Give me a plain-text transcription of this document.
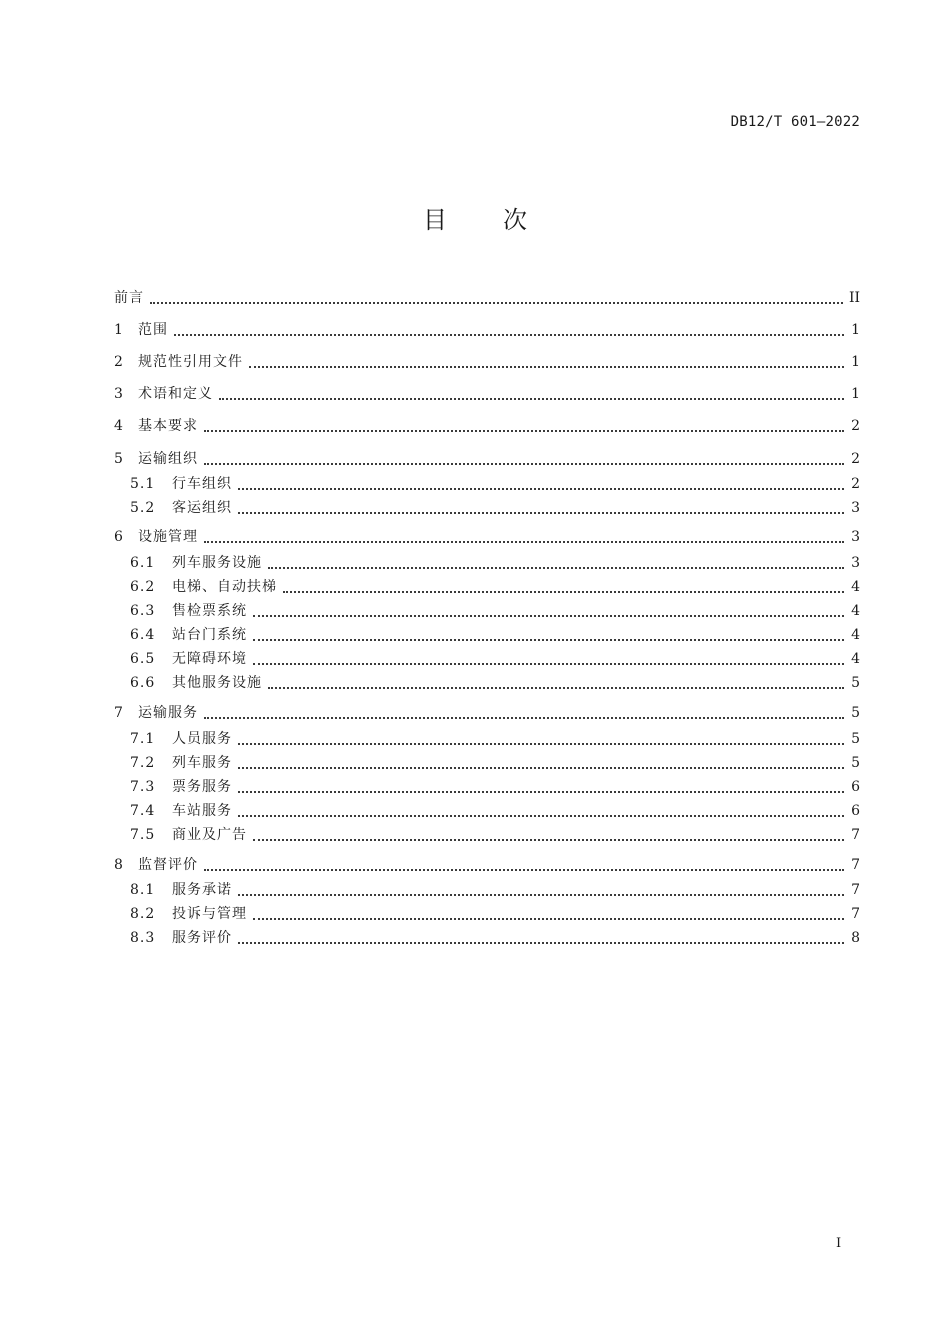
DB12/T 601—2022
目次
前言	II
1	范围	1
2	规范性引用文件	1
3	术语和定义	1
4	基本要求	2
5	运输组织	2
5.1	行车组织	2
5.2	客运组织	3
6	设施管理	3
6.1	列车服务设施	3
6.2	电梯、自动扶梯	4
6.3	售检票系统	4
6.4	站台门系统	4
6.5	无障碍环境	4
6.6	其他服务设施	5
7	运输服务	5
7.1	人员服务	5
7.2	列车服务	5
7.3	票务服务	6
7.4	车站服务	6
7.5	商业及广告	7
8	监督评价	7
8.1	服务承诺	7
8.2	投诉与管理	7
8.3	服务评价	8
I
